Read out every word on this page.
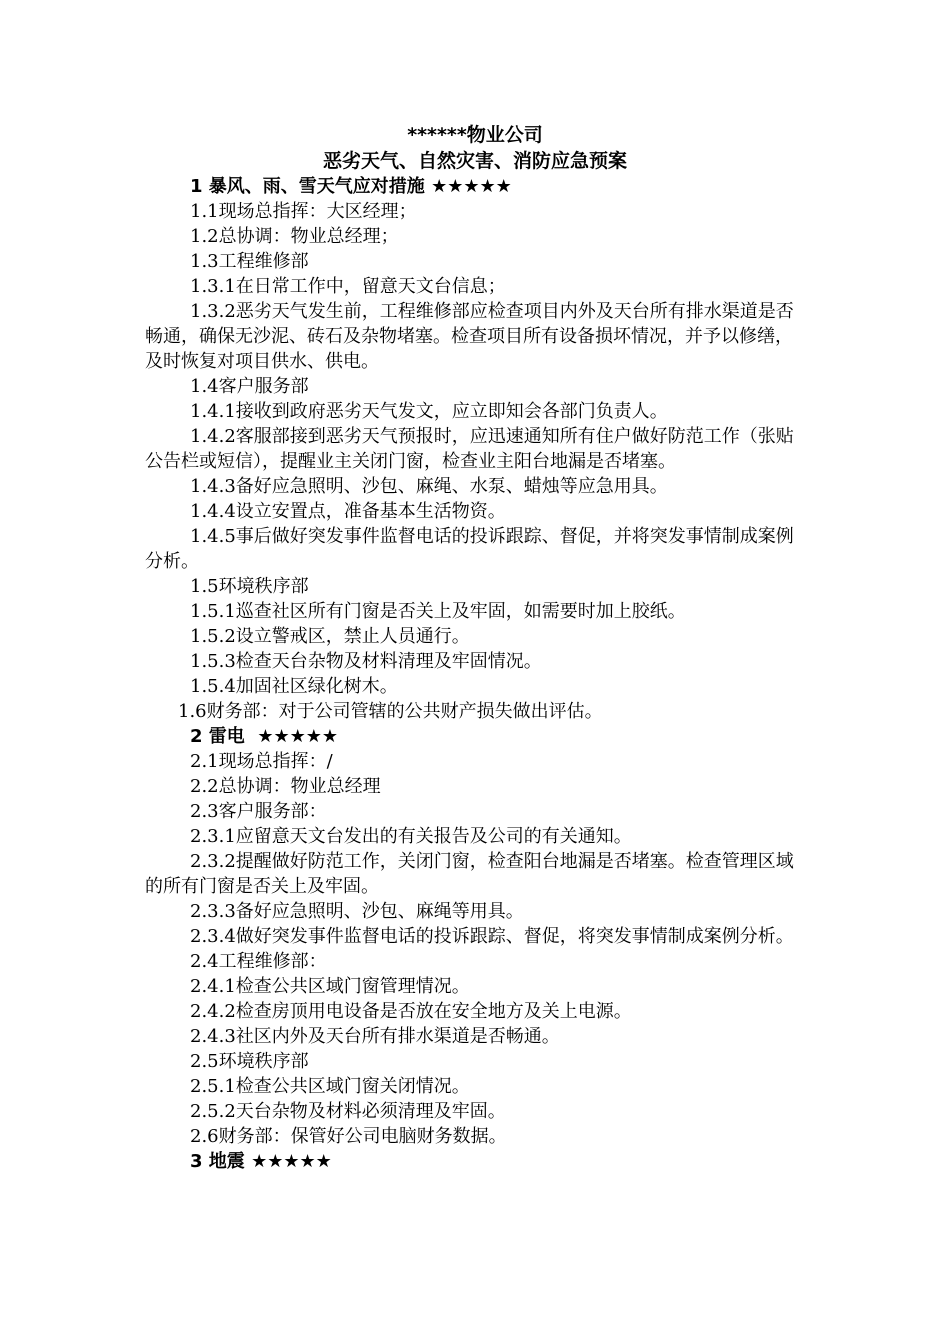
******物业公司
恶劣天气、自然灾害、消防应急预案

1 暴风、雨、雪天气应对措施 ★★★★★

1.1现场总指挥：大区经理；

1.2总协调：物业总经理；

1.3工程维修部

1.3.1在日常工作中，留意天文台信息；

1.3.2恶劣天气发生前，工程维修部应检查项目内外及天台所有排水渠道是否畅通，确保无沙泥、砖石及杂物堵塞。检查项目所有设备损坏情况，并予以修缮，及时恢复对项目供水、供电。

1.4客户服务部

1.4.1接收到政府恶劣天气发文，应立即知会各部门负责人。

1.4.2客服部接到恶劣天气预报时，应迅速通知所有住户做好防范工作（张贴公告栏或短信），提醒业主关闭门窗，检查业主阳台地漏是否堵塞。

1.4.3备好应急照明、沙包、麻绳、水泵、蜡烛等应急用具。

1.4.4设立安置点，准备基本生活物资。

1.4.5事后做好突发事件监督电话的投诉跟踪、督促，并将突发事情制成案例分析。

1.5环境秩序部

1.5.1巡查社区所有门窗是否关上及牢固，如需要时加上胶纸。

1.5.2设立警戒区，禁止人员通行。

1.5.3检查天台杂物及材料清理及牢固情况。

1.5.4加固社区绿化树木。

1.6财务部：对于公司管辖的公共财产损失做出评估。

2 雷电 ★★★★★

2.1现场总指挥：/

2.2总协调：物业总经理

2.3客户服务部：

2.3.1应留意天文台发出的有关报告及公司的有关通知。

2.3.2提醒做好防范工作，关闭门窗，检查阳台地漏是否堵塞。检查管理区域的所有门窗是否关上及牢固。

2.3.3备好应急照明、沙包、麻绳等用具。

2.3.4做好突发事件监督电话的投诉跟踪、督促，将突发事情制成案例分析。

2.4工程维修部：

2.4.1检查公共区域门窗管理情况。

2.4.2检查房顶用电设备是否放在安全地方及关上电源。

2.4.3社区内外及天台所有排水渠道是否畅通。

2.5环境秩序部

2.5.1检查公共区域门窗关闭情况。

2.5.2天台杂物及材料必须清理及牢固。

2.6财务部：保管好公司电脑财务数据。

3 地震 ★★★★★
